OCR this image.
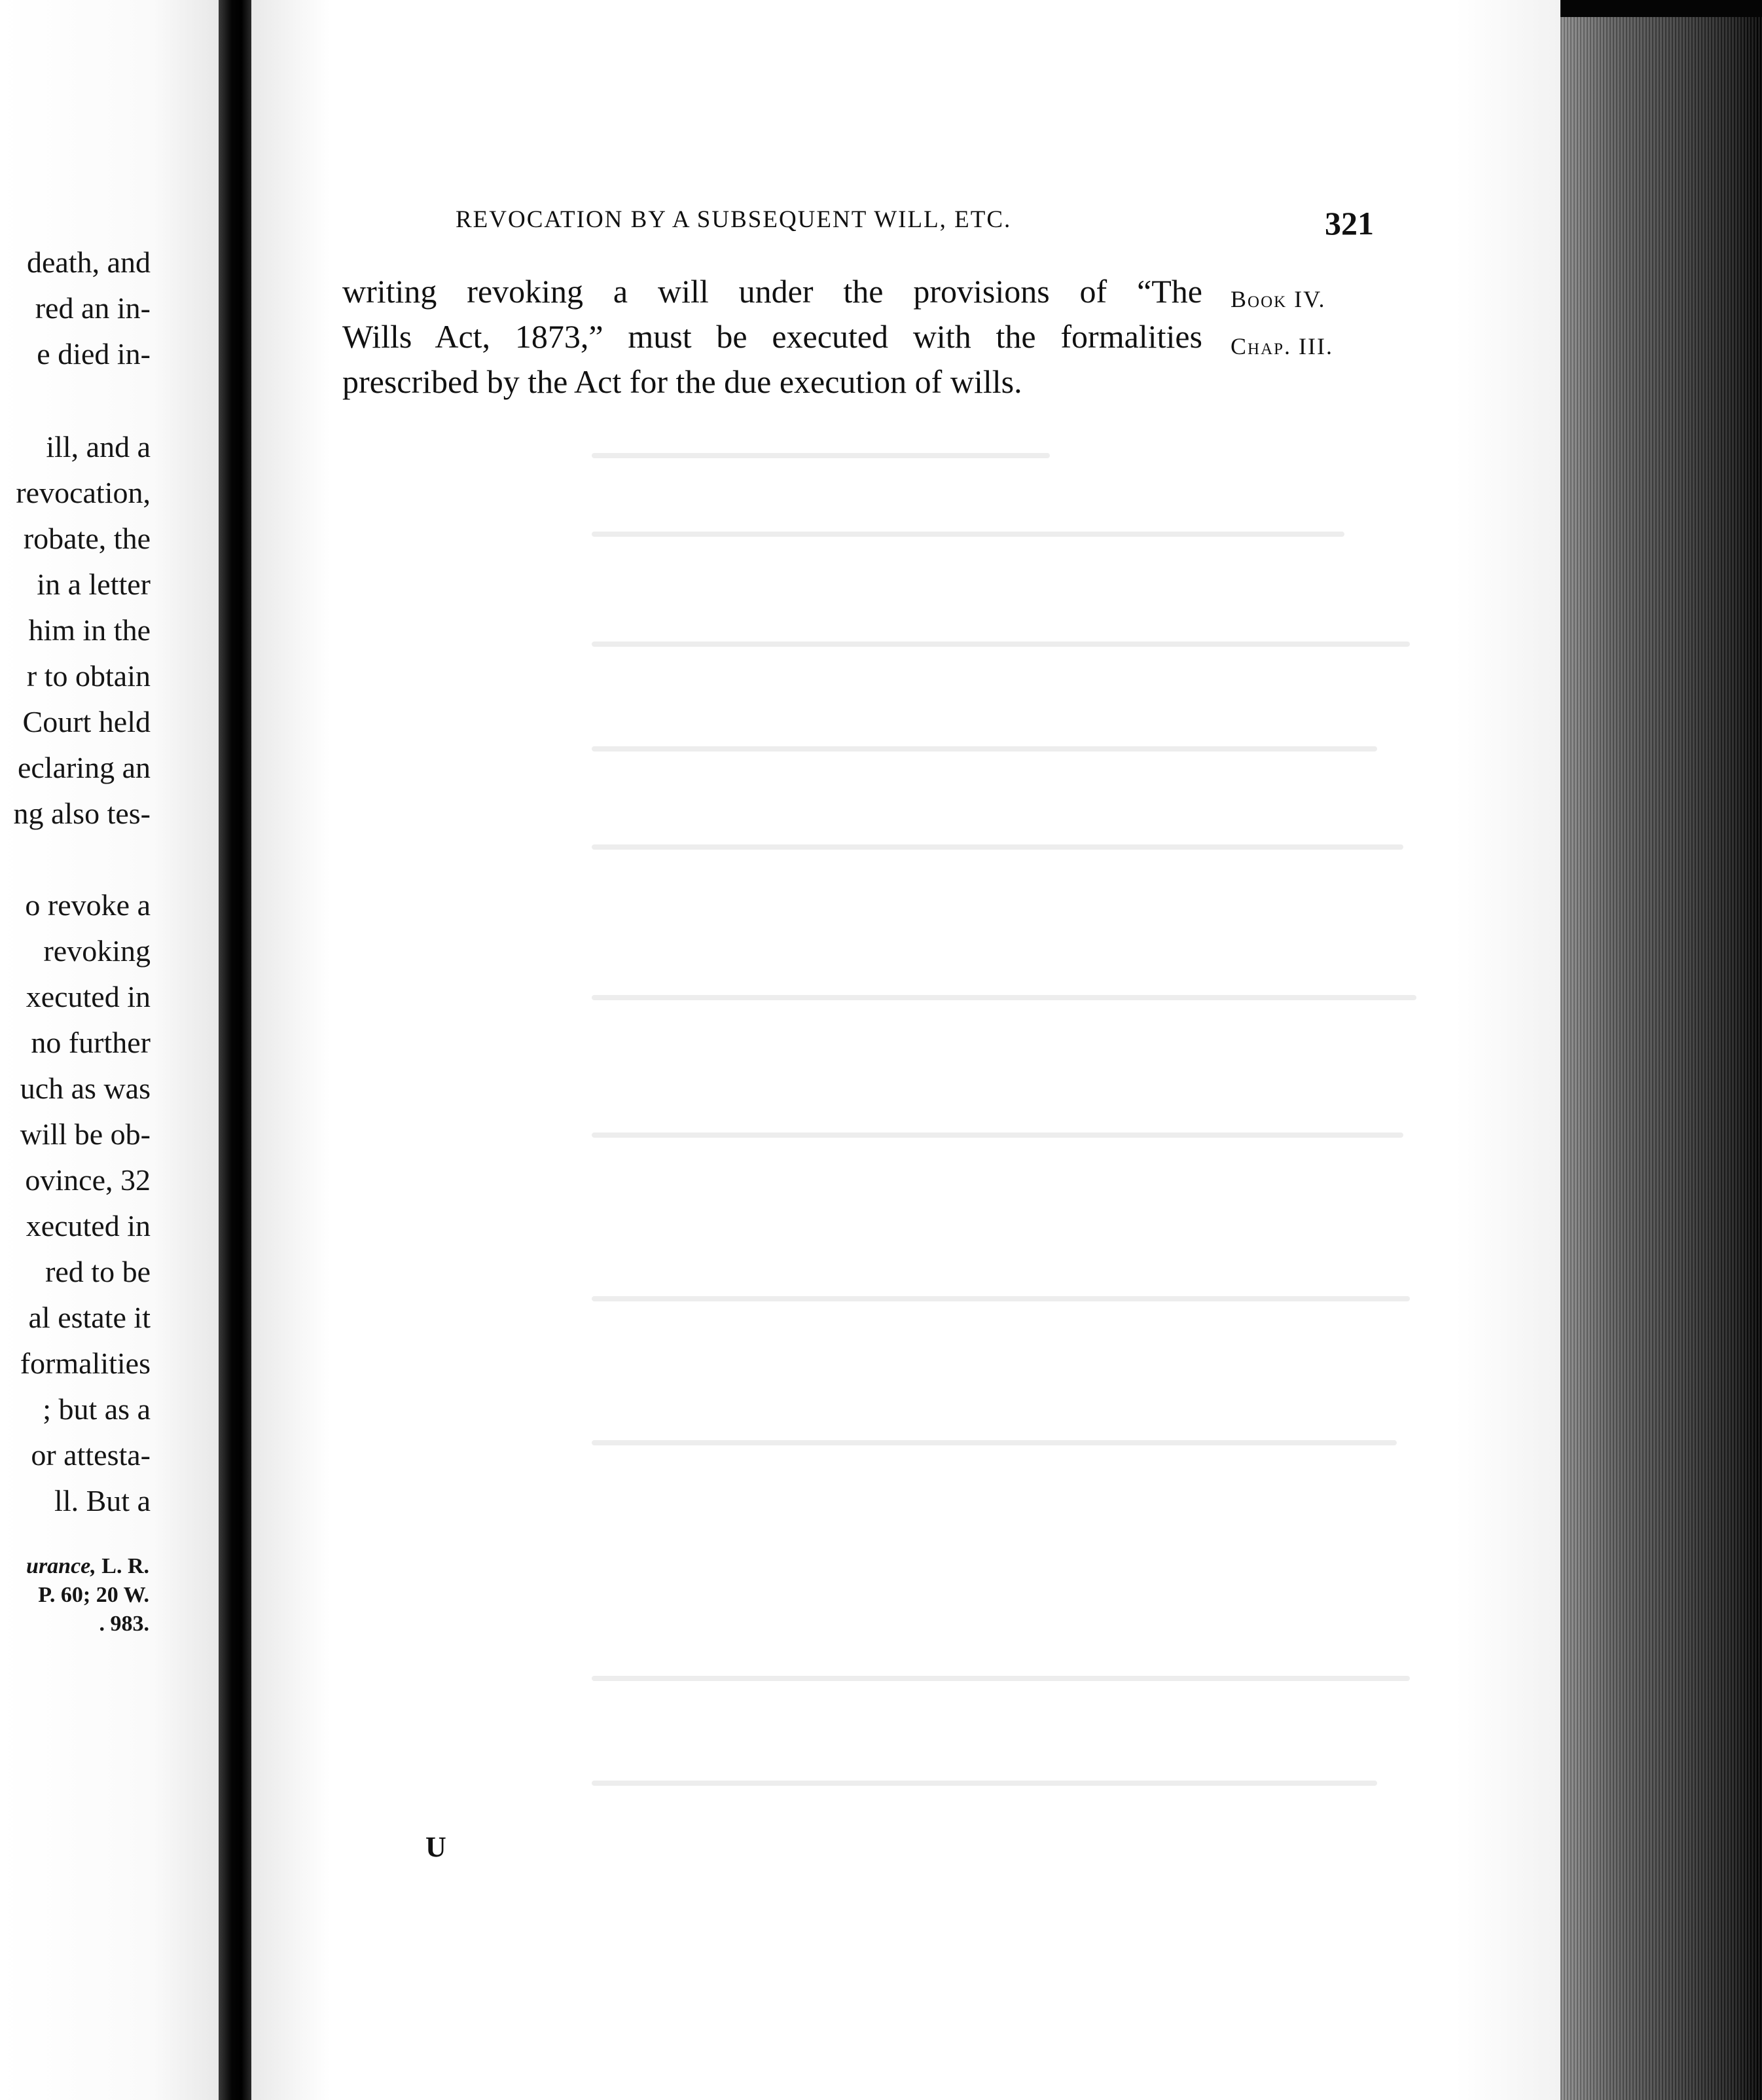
death, and
red an in-
e died in-
ill, and a
revocation,
robate, the
in a letter
him in the
r to obtain
Court held
eclaring an
ng also tes-
o revoke a
revoking
xecuted in
no further
uch as was
will be ob-
ovince, 32
xecuted in
red to be
al estate it
formalities
; but as a
or attesta-
ll. But a
urance, L. R.
P. 60; 20 W.
. 983.
REVOCATION BY A SUBSEQUENT WILL, ETC.	321
writing revoking a will under the provisions of “The
Wills Act, 1873,” must be executed with the formalities
prescribed by the Act for the due execution of wills.
Book IV.
Chap. III.
U
